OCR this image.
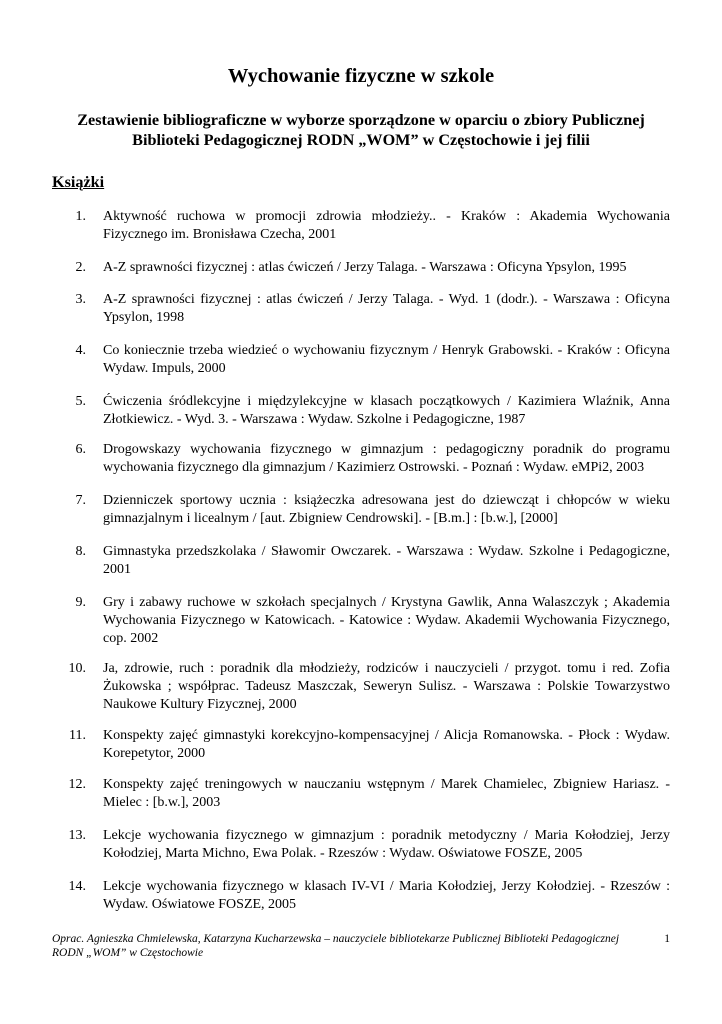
Wychowanie fizyczne w szkole
Zestawienie bibliograficzne w wyborze sporządzone w oparciu o zbiory Publicznej Biblioteki Pedagogicznej RODN „WOM” w Częstochowie i jej filii
Książki
1. Aktywność ruchowa w promocji zdrowia młodzieży.. - Kraków : Akademia Wychowania Fizycznego im. Bronisława Czecha, 2001
2. A-Z sprawności fizycznej : atlas ćwiczeń / Jerzy Talaga. - Warszawa : Oficyna Ypsylon, 1995
3. A-Z sprawności fizycznej : atlas ćwiczeń / Jerzy Talaga. - Wyd. 1 (dodr.). - Warszawa : Oficyna Ypsylon, 1998
4. Co koniecznie trzeba wiedzieć o wychowaniu fizycznym / Henryk Grabowski. - Kraków : Oficyna Wydaw. Impuls, 2000
5. Ćwiczenia śródlekcyjne i międzylekcyjne w klasach początkowych / Kazimiera Wlaźnik, Anna Złotkiewicz. - Wyd. 3. - Warszawa : Wydaw. Szkolne i Pedagogiczne, 1987
6. Drogowskazy wychowania fizycznego w gimnazjum : pedagogiczny poradnik do programu wychowania fizycznego dla gimnazjum / Kazimierz Ostrowski. - Poznań : Wydaw. eMPi2, 2003
7. Dzienniczek sportowy ucznia : książeczka adresowana jest do dziewcząt i chłopców w wieku gimnazjalnym i licealnym / [aut. Zbigniew Cendrowski]. - [B.m.] : [b.w.], [2000]
8. Gimnastyka przedszkolaka / Sławomir Owczarek. - Warszawa : Wydaw. Szkolne i Pedagogiczne, 2001
9. Gry i zabawy ruchowe w szkołach specjalnych / Krystyna Gawlik, Anna Walaszczyk ; Akademia Wychowania Fizycznego w Katowicach. - Katowice : Wydaw. Akademii Wychowania Fizycznego, cop. 2002
10. Ja, zdrowie, ruch : poradnik dla młodzieży, rodziców i nauczycieli / przygot. tomu i red. Zofia Żukowska ; współprac. Tadeusz Maszczak, Seweryn Sulisz. - Warszawa : Polskie Towarzystwo Naukowe Kultury Fizycznej, 2000
11. Konspekty zajęć gimnastyki korekcyjno-kompensacyjnej / Alicja Romanowska. - Płock : Wydaw. Korepetytor, 2000
12. Konspekty zajęć treningowych w nauczaniu wstępnym / Marek Chamielec, Zbigniew Hariasz. - Mielec : [b.w.], 2003
13. Lekcje wychowania fizycznego w gimnazjum : poradnik metodyczny / Maria Kołodziej, Jerzy Kołodziej, Marta Michno, Ewa Polak. - Rzeszów : Wydaw. Oświatowe FOSZE, 2005
14. Lekcje wychowania fizycznego w klasach IV-VI / Maria Kołodziej, Jerzy Kołodziej. - Rzeszów : Wydaw. Oświatowe FOSZE, 2005

Oprac. Agnieszka Chmielewska, Katarzyna Kucharzewska – nauczyciele bibliotekarze Publicznej Biblioteki Pedagogicznej RODN „WOM” w Częstochowie

1
